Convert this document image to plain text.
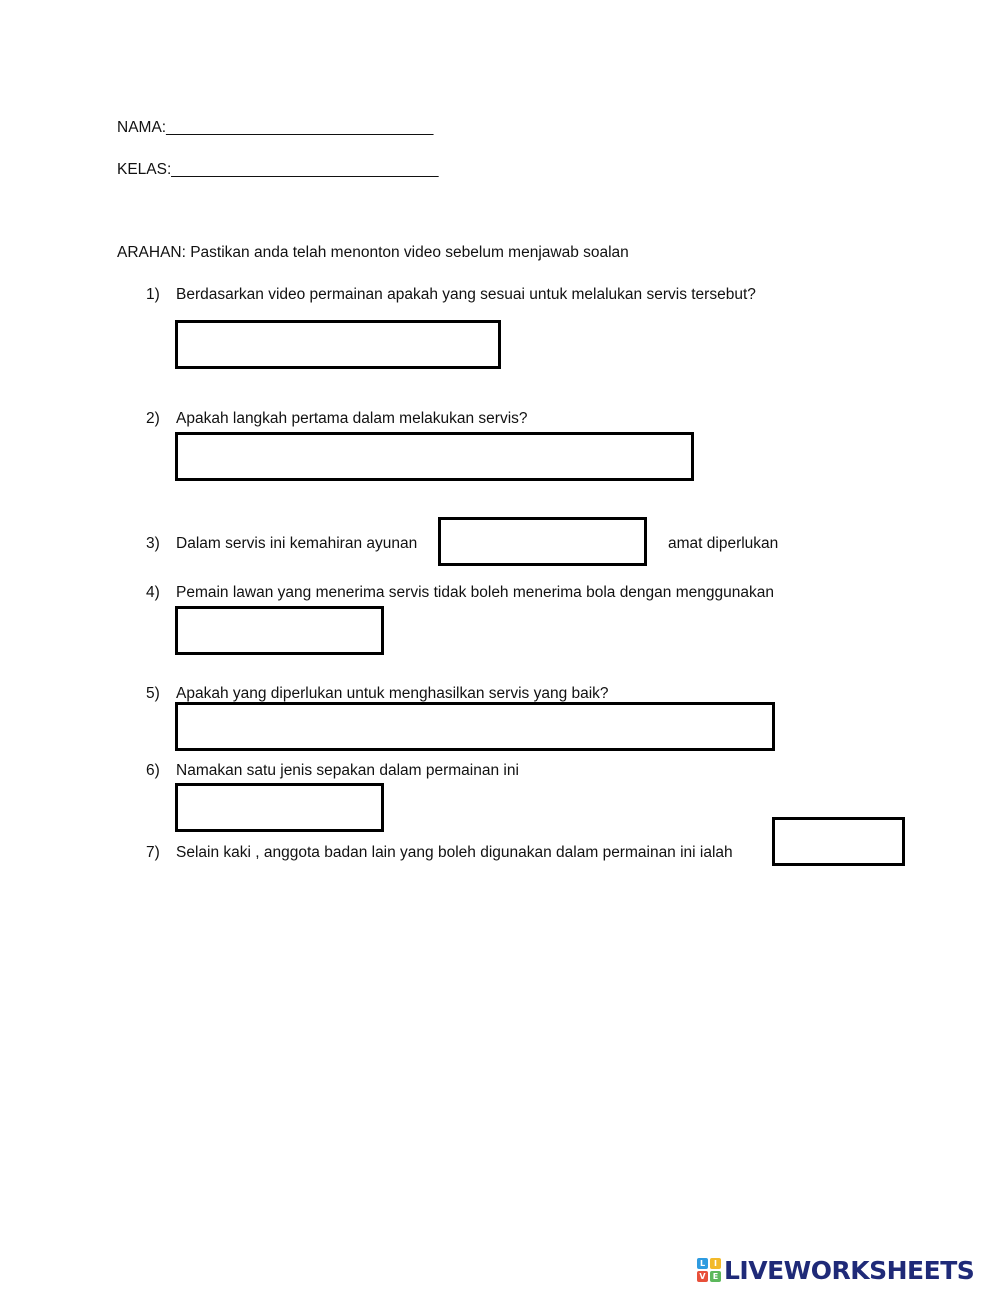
NAMA:_______________________________
KELAS:_______________________________
ARAHAN: Pastikan anda telah menonton video sebelum menjawab soalan
1) Berdasarkan video permainan apakah yang sesuai untuk melalukan servis tersebut?
2) Apakah langkah pertama dalam melakukan servis?
3) Dalam servis ini kemahiran ayunan	amat diperlukan
4) Pemain lawan yang menerima servis tidak boleh menerima bola dengan menggunakan
5) Apakah yang diperlukan untuk menghasilkan servis yang baik?
6) Namakan satu jenis sepakan dalam permainan ini
7) Selain kaki , anggota badan lain yang boleh digunakan dalam permainan ini ialah
L	I
V E LIVEWORKSHEETS
